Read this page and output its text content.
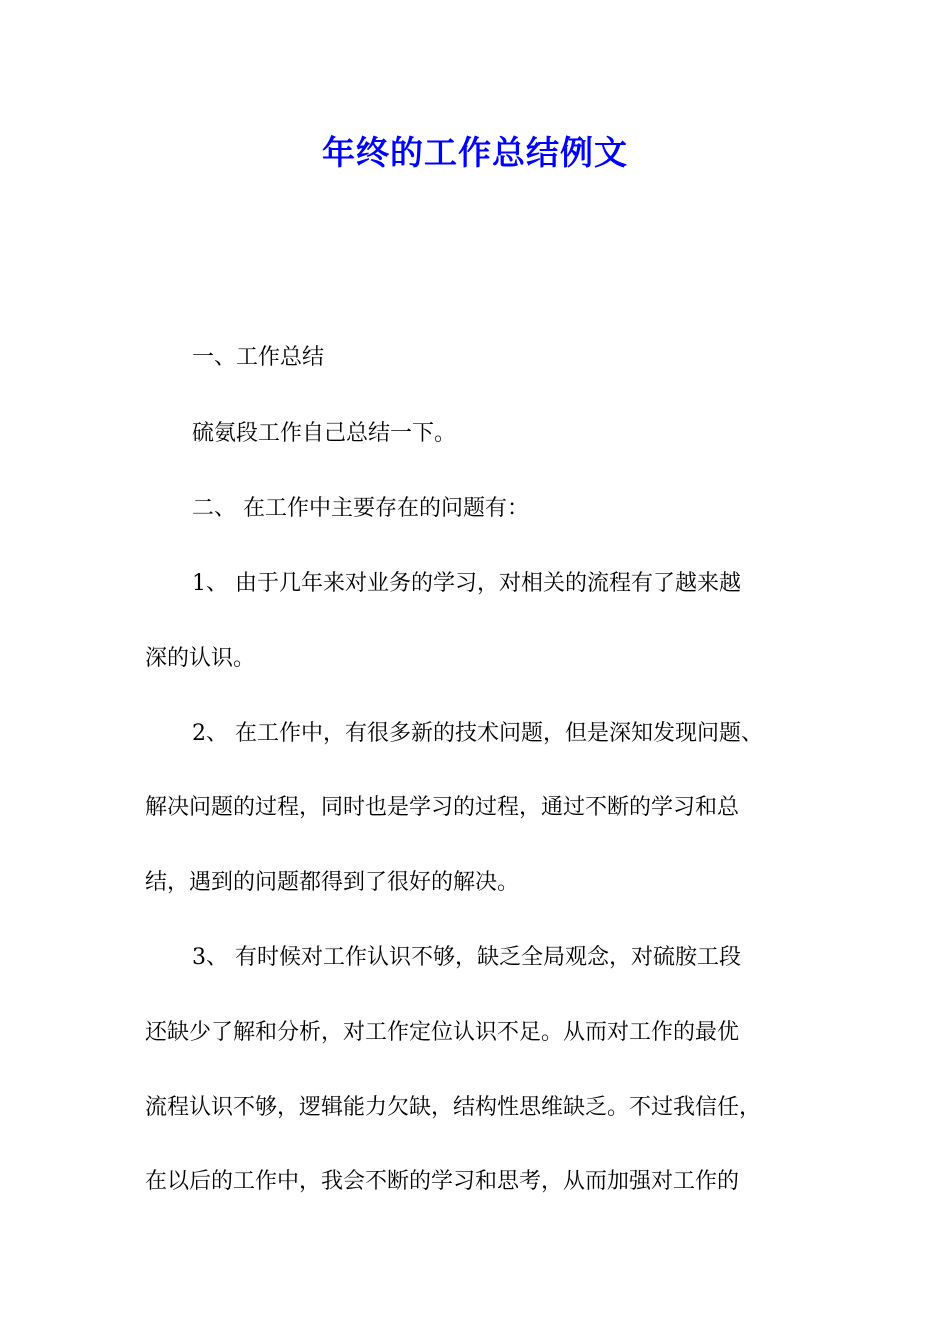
年终的工作总结例文

一、工作总结

硫氨段工作自己总结一下。

二、 在工作中主要存在的问题有：

1、 由于几年来对业务的学习，对相关的流程有了越来越

深的认识。

2、 在工作中，有很多新的技术问题，但是深知发现问题、

解决问题的过程，同时也是学习的过程，通过不断的学习和总

结，遇到的问题都得到了很好的解决。

3、 有时候对工作认识不够，缺乏全局观念，对硫胺工段

还缺少了解和分析，对工作定位认识不足。从而对工作的最优

流程认识不够，逻辑能力欠缺，结构性思维缺乏。不过我信任，

在以后的工作中，我会不断的学习和思考，从而加强对工作的
